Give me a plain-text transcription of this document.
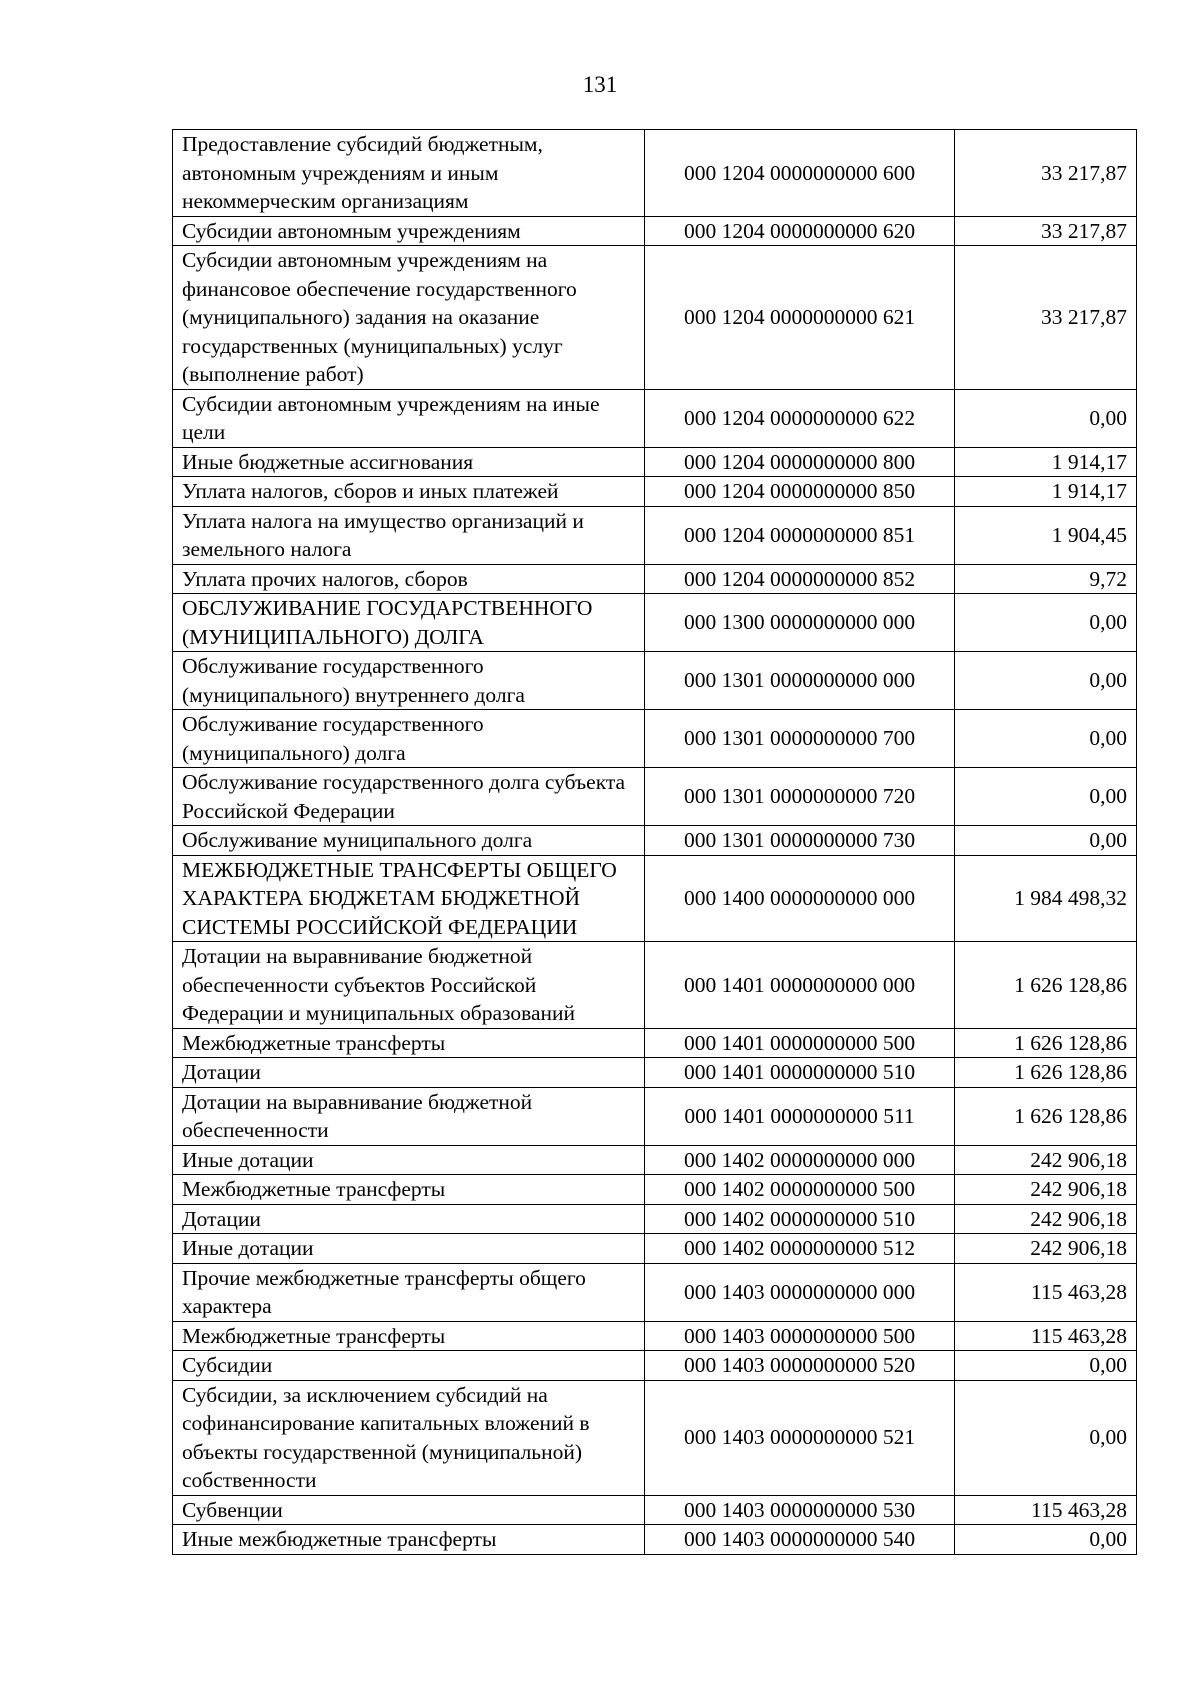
131
Предоставление субсидий бюджетным, автономным учреждениям и иным некоммерческим организациям	000 1204 0000000000 600	33 217,87
Субсидии автономным учреждениям	000 1204 0000000000 620	33 217,87
Субсидии автономным учреждениям на финансовое обеспечение государственного (муниципального) задания на оказание государственных (муниципальных) услуг (выполнение работ)	000 1204 0000000000 621	33 217,87
Субсидии автономным учреждениям на иные цели	000 1204 0000000000 622	0,00
Иные бюджетные ассигнования	000 1204 0000000000 800	1 914,17
Уплата налогов, сборов и иных платежей	000 1204 0000000000 850	1 914,17
Уплата налога на имущество организаций и земельного налога	000 1204 0000000000 851	1 904,45
Уплата прочих налогов, сборов	000 1204 0000000000 852	9,72
ОБСЛУЖИВАНИЕ ГОСУДАРСТВЕННОГО (МУНИЦИПАЛЬНОГО) ДОЛГА	000 1300 0000000000 000	0,00
Обслуживание государственного (муниципального) внутреннего долга	000 1301 0000000000 000	0,00
Обслуживание государственного (муниципального) долга	000 1301 0000000000 700	0,00
Обслуживание государственного долга субъекта Российской Федерации	000 1301 0000000000 720	0,00
Обслуживание муниципального долга	000 1301 0000000000 730	0,00
МЕЖБЮДЖЕТНЫЕ ТРАНСФЕРТЫ ОБЩЕГО ХАРАКТЕРА БЮДЖЕТАМ БЮДЖЕТНОЙ СИСТЕМЫ РОССИЙСКОЙ ФЕДЕРАЦИИ	000 1400 0000000000 000	1 984 498,32
Дотации на выравнивание бюджетной обеспеченности субъектов Российской Федерации и муниципальных образований	000 1401 0000000000 000	1 626 128,86
Межбюджетные трансферты	000 1401 0000000000 500	1 626 128,86
Дотации	000 1401 0000000000 510	1 626 128,86
Дотации на выравнивание бюджетной обеспеченности	000 1401 0000000000 511	1 626 128,86
Иные дотации	000 1402 0000000000 000	242 906,18
Межбюджетные трансферты	000 1402 0000000000 500	242 906,18
Дотации	000 1402 0000000000 510	242 906,18
Иные дотации	000 1402 0000000000 512	242 906,18
Прочие межбюджетные трансферты общего характера	000 1403 0000000000 000	115 463,28
Межбюджетные трансферты	000 1403 0000000000 500	115 463,28
Субсидии	000 1403 0000000000 520	0,00
Субсидии, за исключением субсидий на софинансирование капитальных вложений в объекты государственной (муниципальной) собственности	000 1403 0000000000 521	0,00
Субвенции	000 1403 0000000000 530	115 463,28
Иные межбюджетные трансферты	000 1403 0000000000 540	0,00
